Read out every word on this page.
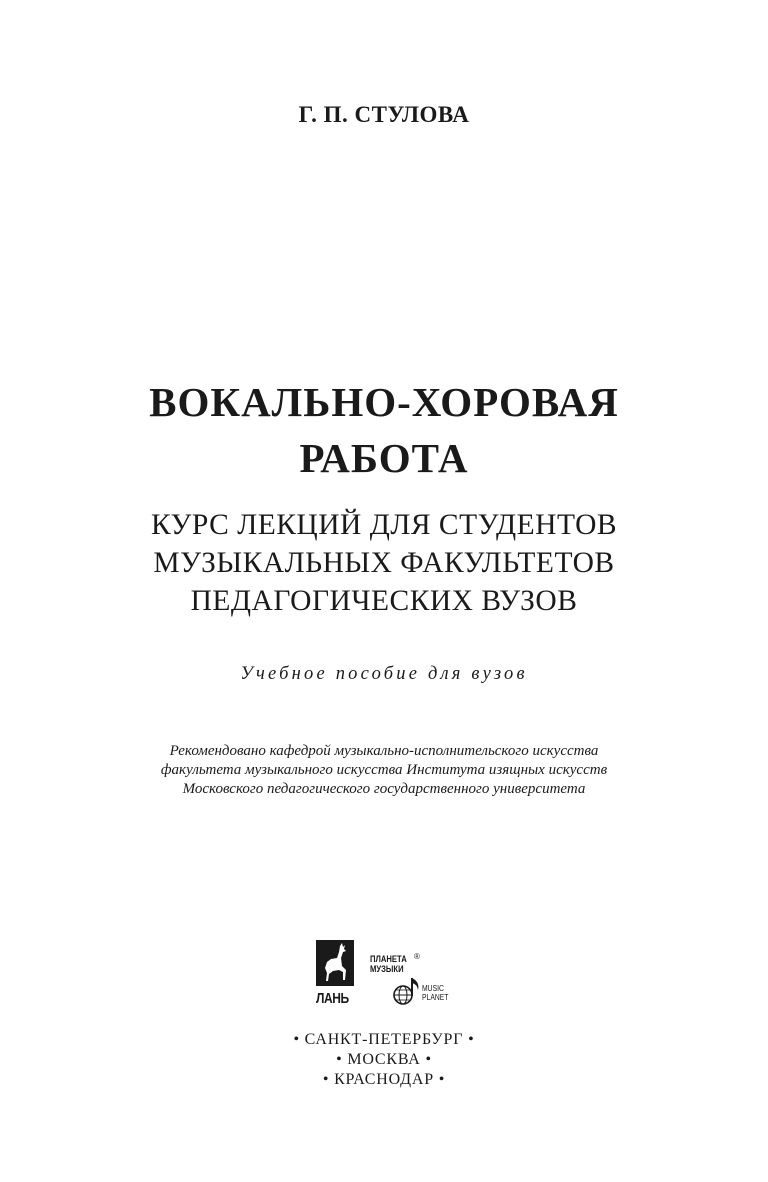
Г. П. СТУЛОВА
ВОКАЛЬНО-ХОРОВАЯ
РАБОТА
КУРС ЛЕКЦИЙ ДЛЯ СТУДЕНТОВ
МУЗЫКАЛЬНЫХ ФАКУЛЬТЕТОВ
ПЕДАГОГИЧЕСКИХ ВУЗОВ
Учебное пособие для вузов
Рекомендовано кафедрой музыкально-исполнительского искусства
факультета музыкального искусства Института изящных искусств
Московского педагогического государственного университета
ЛАНЬ
ПЛАНЕТА
МУЗЫКИ
®
MUSIC
PLANET
• САНКТ-ПЕТЕРБУРГ •
• МОСКВА •
• КРАСНОДАР •
